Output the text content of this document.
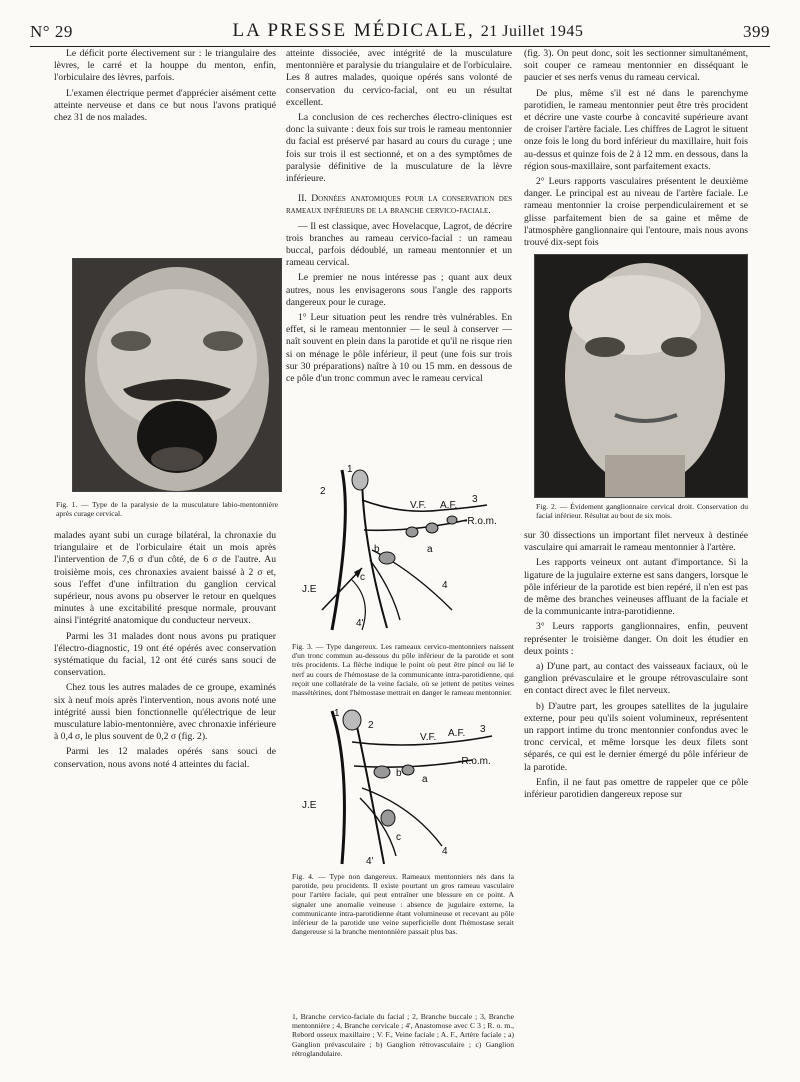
N° 29	LA PRESSE MÉDICALE, 21 Juillet 1945	399

Le déficit porte électivement sur : le triangulaire des lèvres, le carré et la houppe du menton, enfin, l'orbiculaire des lèvres, parfois.

L'examen électrique permet d'apprécier aisément cette atteinte nerveuse et dans ce but nous l'avons pratiqué chez 31 de nos malades.

Fig. 1. — Type de la paralysie de la musculature labio-mentonnière après curage cervical.

malades ayant subi un curage bilatéral, la chronaxie du triangulaire et de l'orbiculaire était un mois après l'intervention de 7,6 σ d'un côté, de 6 σ de l'autre. Au troisième mois, ces chronaxies avaient baissé à 2 σ et, sous l'effet d'une infiltration du ganglion cervical supérieur, nous avons pu observer le retour en quelques minutes à une excitabilité presque normale, prouvant ainsi l'intégrité anatomique du conducteur nerveux.

Parmi les 31 malades dont nous avons pu pratiquer l'électro-diagnostic, 19 ont été opérés avec conservation systématique du facial, 12 ont été curés sans souci de conservation.

Chez tous les autres malades de ce groupe, examinés six à neuf mois après l'intervention, nous avons noté une intégrité aussi bien fonctionnelle qu'électrique de leur musculature labio-mentonnière, avec chronaxie inférieure à 0,4 σ, le plus souvent de 0,2 σ (fig. 2).

Parmi les 12 malades opérés sans souci de conservation, nous avons noté 4 atteintes du facial.

atteinte dissociée, avec intégrité de la musculature mentonnière et paralysie du triangulaire et de l'orbiculaire. Les 8 autres malades, quoique opérés sans volonté de conservation du cervico-facial, ont eu un résultat excellent.

La conclusion de ces recherches électro-cliniques est donc la suivante : deux fois sur trois le rameau mentonnier du facial est préservé par hasard au cours du curage ; une fois sur trois il est sectionné, et on a des symptômes de paralysie définitive de la musculature de la lèvre inférieure.

II. Données anatomiques pour la conservation des rameaux inférieurs de la branche cervico-faciale.

— Il est classique, avec Hovelacque, Lagrot, de décrire trois branches au rameau cervico-facial : un rameau buccal, parfois dédoublé, un rameau mentonnier et un rameau cervical.

Le premier ne nous intéresse pas ; quant aux deux autres, nous les envisagerons sous l'angle des rapports dangereux pour le curage.

1° Leur situation peut les rendre très vulnérables. En effet, si le rameau mentonnier — le seul à conserver — naît souvent en plein dans la parotide et qu'il ne risque rien si on ménage le pôle inférieur, il peut (une fois sur trois sur 30 préparations) naître à 10 ou 15 mm. en dessous de ce pôle d'un tronc commun avec le rameau cervical

1
2
3
V.F. A.F.
-R.o.m.
J.E
a
b
c
4
4'
Fig. 3. — Type dangereux. Les rameaux cervico-mentonniers naissent d'un tronc commun au-dessous du pôle inférieur de la parotide et sont très procidents. La flèche indique le point où peut être pincé ou lié le nerf au cours de l'hémostase de la communicante intra-parotidienne, qui reçoit une collatérale de la veine faciale, où se jettent de petites veines massétérines, dont l'hémostase mettrait en danger le rameau mentonnier.
1
2	3
V.F. A.F.
-R.o.m.
J.E
a
b
c
4
4'
Fig. 4. — Type non dangereux. Rameaux mentonniers nés dans la parotide, peu procidents. Il existe pourtant un gros rameau vasculaire pour l'artère faciale, qui peut entraîner une blessure en ce point. A signaler une anomalie veineuse : absence de jugulaire externe, la communicante intra-parotidienne étant volumineuse et recevant au pôle inférieur de la parotide une veine superficielle dont l'hémostase serait dangereuse si la branche mentonnière passait plus bas.
1, Branche cervico-faciale du facial ; 2, Branche buccale ; 3, Branche mentonnière ; 4, Branche cervicale ; 4', Anastomose avec C 3 ; R. o. m., Rebord osseux maxillaire ; V. F., Veine faciale ; A. F., Artère faciale ; a) Ganglion prévasculaire ; b) Ganglion rétrovasculaire ; c) Ganglion rétroglandulaire.

(fig. 3). On peut donc, soit les sectionner simultanément, soit couper ce rameau mentonnier en disséquant le paucier et ses nerfs venus du rameau cervical.

De plus, même s'il est né dans le parenchyme parotidien, le rameau mentonnier peut être très procident et décrire une vaste courbe à concavité supérieure avant de croiser l'artère faciale. Les chiffres de Lagrot le situent onze fois le long du bord inférieur du maxillaire, huit fois au-dessus et quinze fois de 2 à 12 mm. en dessous, dans la région sous-maxillaire, sont parfaitement exacts.

2° Leurs rapports vasculaires présentent le deuxième danger. Le principal est au niveau de l'artère faciale. Le rameau mentonnier la croise perpendiculairement et se glisse parfaitement bien de sa gaine et même de l'atmosphère ganglionnaire qui l'entoure, mais nous avons trouvé dix-sept fois

Fig. 2. — Évidement ganglionnaire cervical droit. Conservation du facial inférieur. Résultat au bout de six mois.

sur 30 dissections un important filet nerveux à destinée vasculaire qui amarrait le rameau mentonnier à l'artère.

Les rapports veineux ont autant d'importance. Si la ligature de la jugulaire externe est sans dangers, lorsque le pôle inférieur de la parotide est bien repéré, il n'en est pas de même des branches veineuses affluant de la faciale et de la communicante intra-parotidienne.

3° Leurs rapports ganglionnaires, enfin, peuvent représenter le troisième danger. On doit les étudier en deux points :

a) D'une part, au contact des vaisseaux faciaux, où le ganglion prévasculaire et le groupe rétrovasculaire sont en contact direct avec le filet nerveux.

b) D'autre part, les groupes satellites de la jugulaire externe, pour peu qu'ils soient volumineux, représentent un rapport intime du tronc mentonnier confondus avec le tronc cervical, et même lorsque les deux filets sont séparés, ce qui est le dernier émergé du pôle inférieur de la parotide.

Enfin, il ne faut pas omettre de rappeler que ce pôle inférieur parotidien dangereux repose sur
